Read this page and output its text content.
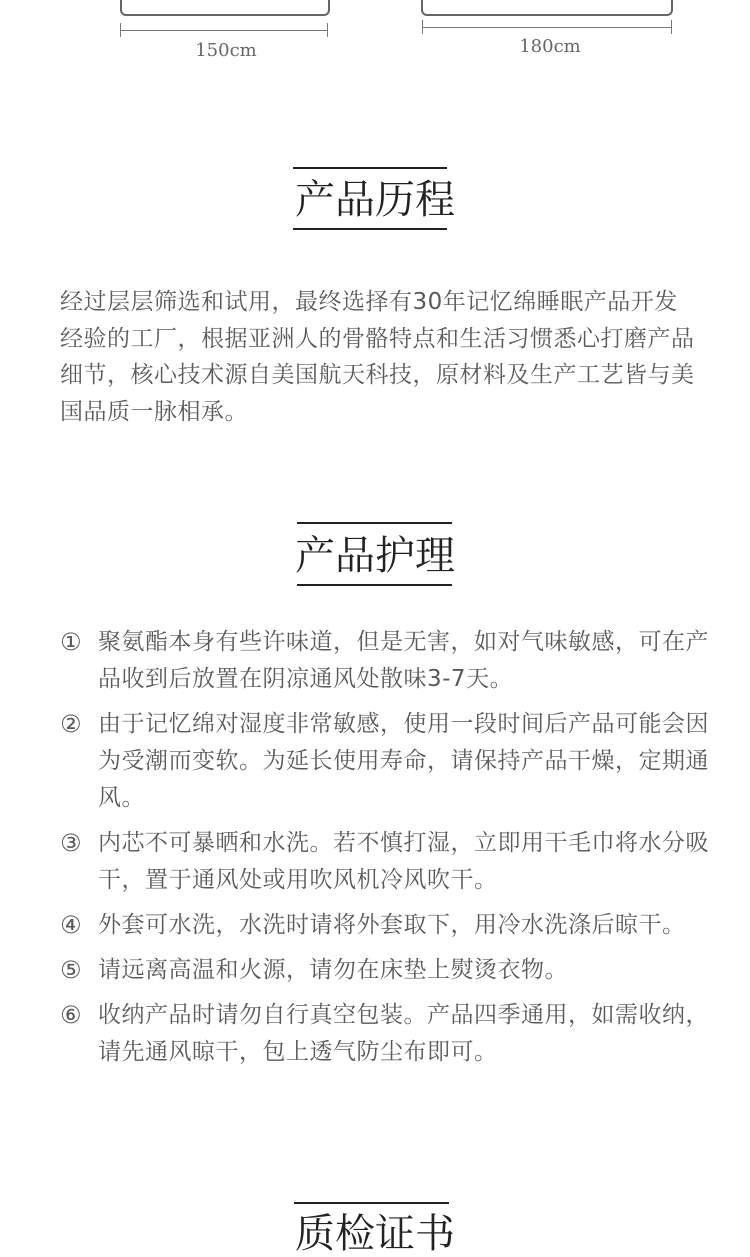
150cm	180cm
产品历程

经过层层筛选和试用，最终选择有30年记忆绵睡眠产品开发经验的工厂，根据亚洲人的骨骼特点和生活习惯悉心打磨产品细节，核心技术源自美国航天科技，原材料及生产工艺皆与美国品质一脉相承。

产品护理
① 聚氨酯本身有些许味道，但是无害，如对气味敏感，可在产品收到后放置在阴凉通风处散味3-7天。
② 由于记忆绵对湿度非常敏感，使用一段时间后产品可能会因为受潮而变软。为延长使用寿命，请保持产品干燥，定期通风。
③ 内芯不可暴晒和水洗。若不慎打湿，立即用干毛巾将水分吸干，置于通风处或用吹风机冷风吹干。
④ 外套可水洗，水洗时请将外套取下，用冷水洗涤后晾干。
⑤ 请远离高温和火源，请勿在床垫上熨烫衣物。
⑥ 收纳产品时请勿自行真空包装。产品四季通用，如需收纳，请先通风晾干，包上透气防尘布即可。
质检证书
